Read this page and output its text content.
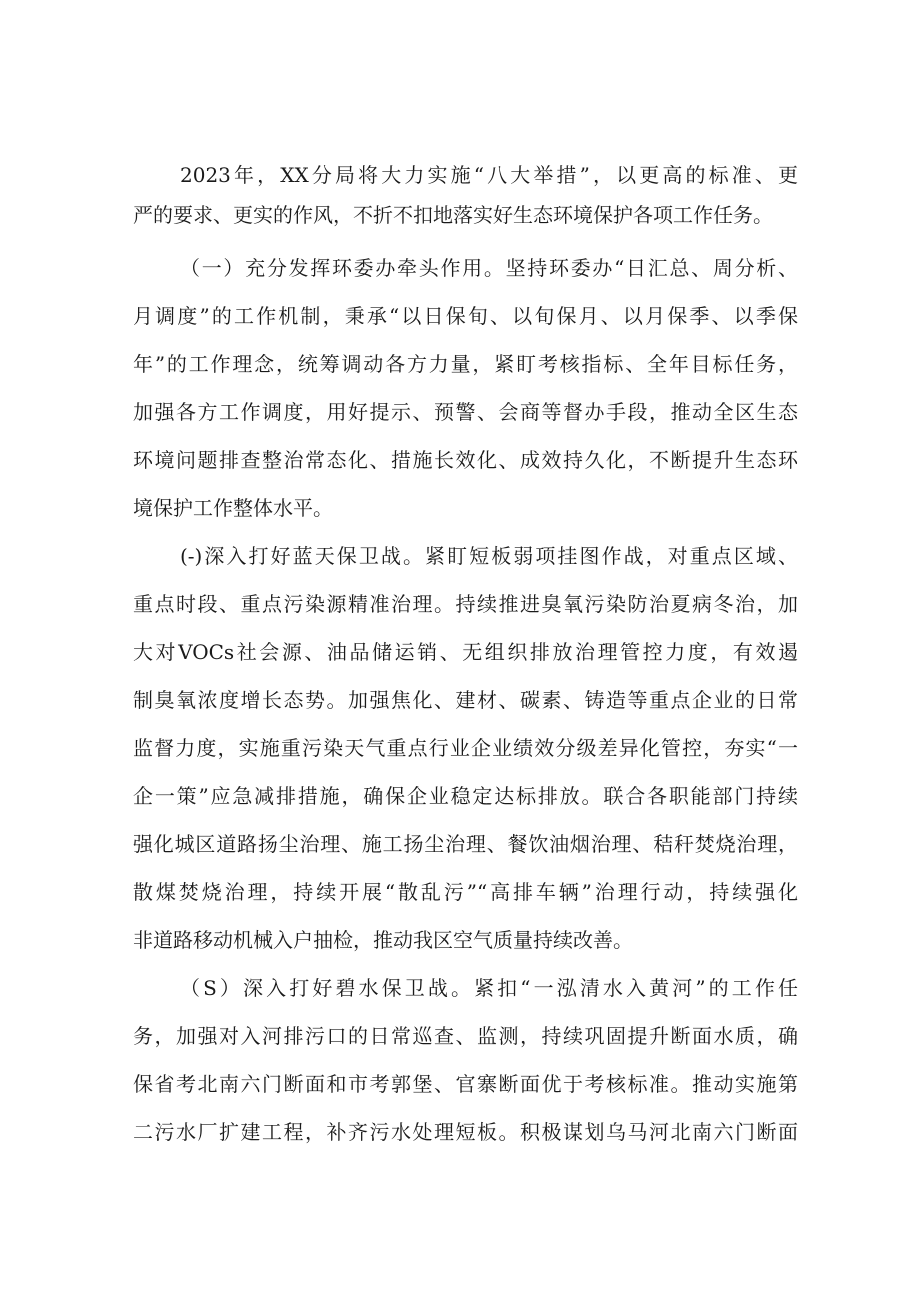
2023年，XX分局将大力实施“八大举措”，以更高的标准、更
严的要求、更实的作风，不折不扣地落实好生态环境保护各项工作任务。
（一）充分发挥环委办牵头作用。坚持环委办“日汇总、周分析、
月调度”的工作机制，秉承“以日保旬、以旬保月、以月保季、以季保
年”的工作理念，统筹调动各方力量，紧盯考核指标、全年目标任务，
加强各方工作调度，用好提示、预警、会商等督办手段，推动全区生态
环境问题排查整治常态化、措施长效化、成效持久化，不断提升生态环
境保护工作整体水平。
(-)深入打好蓝天保卫战。紧盯短板弱项挂图作战，对重点区域、
重点时段、重点污染源精准治理。持续推进臭氧污染防治夏病冬治，加
大对VOCs社会源、油品储运销、无组织排放治理管控力度，有效遏
制臭氧浓度增长态势。加强焦化、建材、碳素、铸造等重点企业的日常
监督力度，实施重污染天气重点行业企业绩效分级差异化管控，夯实“一
企一策”应急减排措施，确保企业稳定达标排放。联合各职能部门持续
强化城区道路扬尘治理、施工扬尘治理、餐饮油烟治理、秸秆焚烧治理，
散煤焚烧治理，持续开展“散乱污”“高排车辆”治理行动，持续强化
非道路移动机械入户抽检，推动我区空气质量持续改善。
（S）深入打好碧水保卫战。紧扣“一泓清水入黄河”的工作任
务，加强对入河排污口的日常巡查、监测，持续巩固提升断面水质，确
保省考北南六门断面和市考郭堡、官寨断面优于考核标准。推动实施第
二污水厂扩建工程，补齐污水处理短板。积极谋划乌马河北南六门断面
